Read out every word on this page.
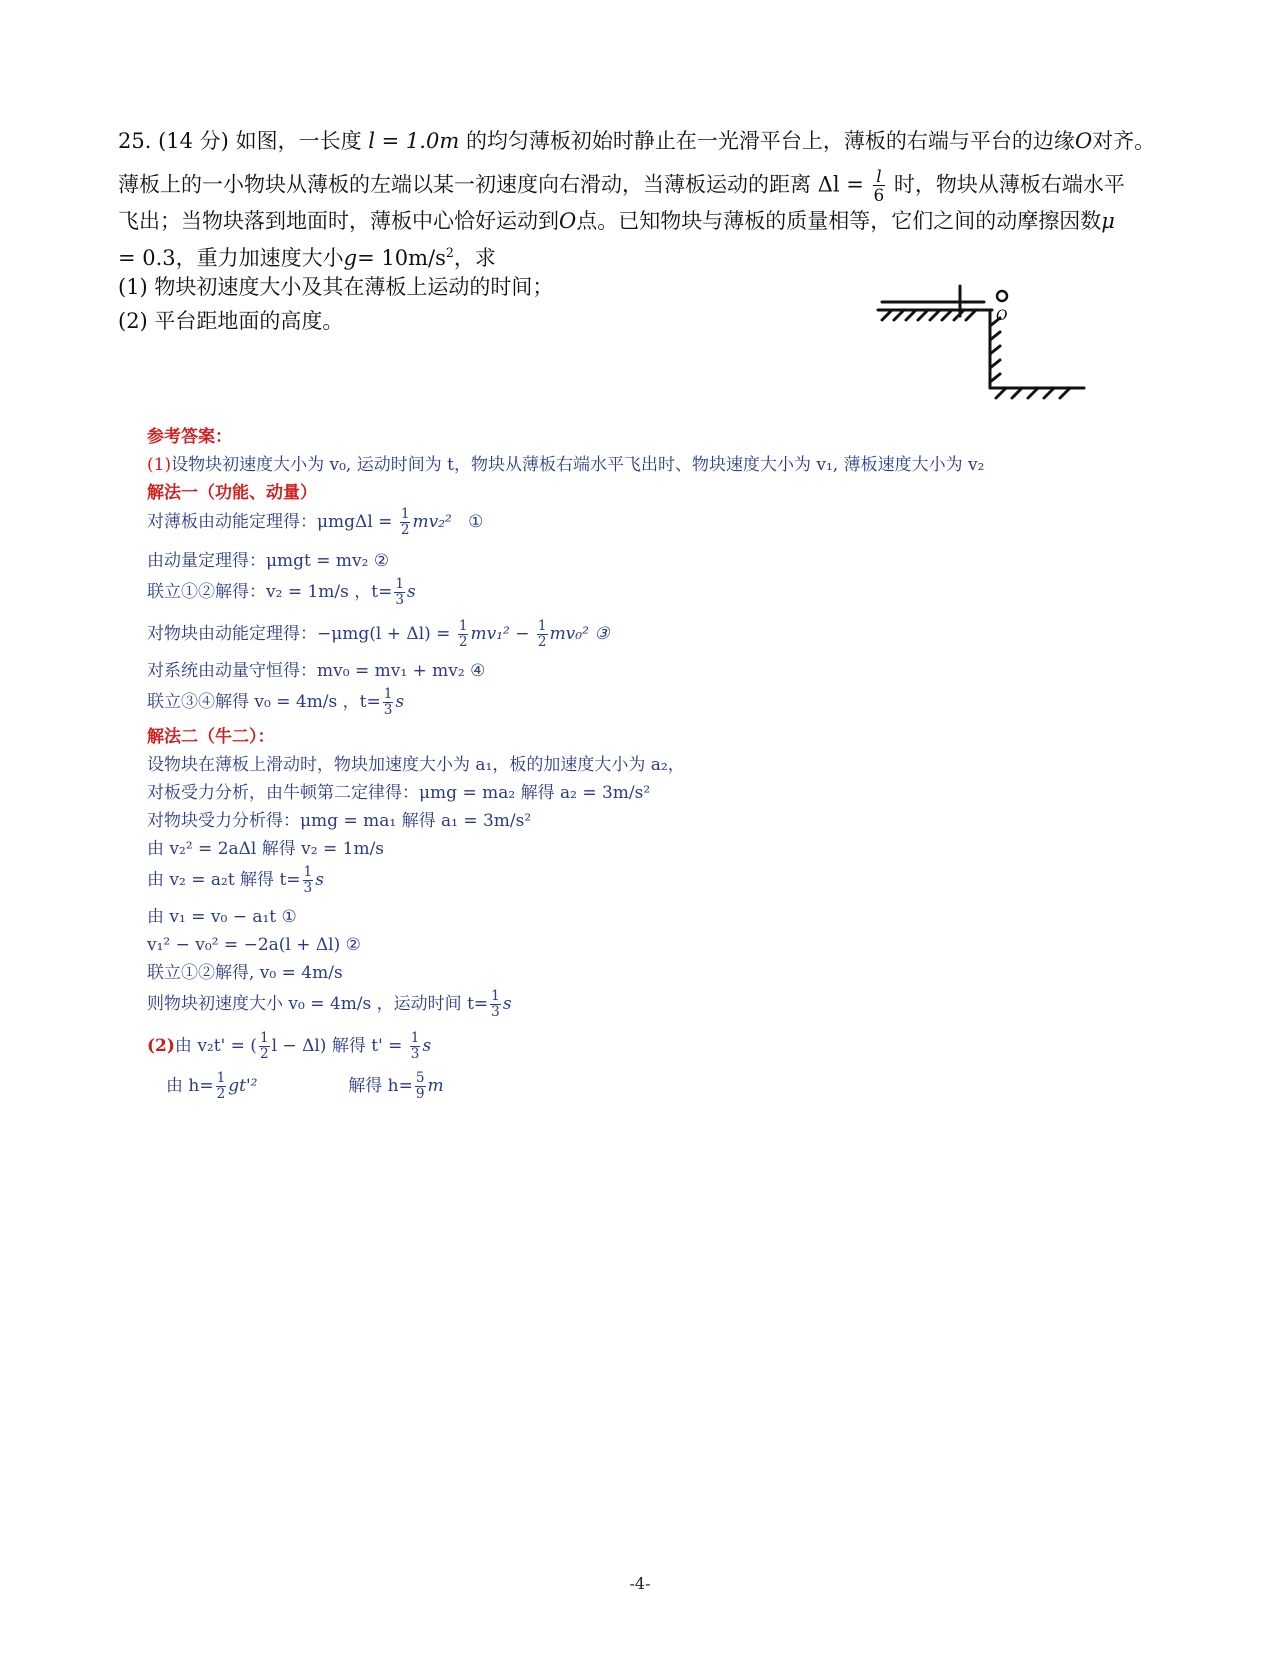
25. (14 分) 如图，一长度 l = 1.0m 的均匀薄板初始时静止在一光滑平台上，薄板的右端与平台的边缘O对齐。
薄板上的一小物块从薄板的左端以某一初速度向右滑动，当薄板运动的距离 $\Delta l = \frac{l}{6}$ 时，物块从薄板右端水平
飞出；当物块落到地面时，薄板中心恰好运动到O点。已知物块与薄板的质量相等，它们之间的动摩擦因数μ
= 0.3，重力加速度大小$g= 10m/s^2$，求
(1) 物块初速度大小及其在薄板上运动的时间；
(2) 平台距地面的高度。	O
参考答案：
(1)设物块初速度大小为 v₀, 运动时间为 t，物块从薄板右端水平飞出时、物块速度大小为 v₁, 薄板速度大小为 v₂
解法一（功能、动量）
对薄板由动能定理得：$\mu mg\Delta l = \frac{1}{2} mv_2^2$ ①
由动量定理得：μmgt = mv₂ ②
联立①②解得：v₂ = 1m/s ，$t= \frac{1}{3}$ s
对物块由动能定理得：$-\mu mg(l + \Delta l) = \frac{1}{2} mv_1^2 - \frac{1}{2} mv_0^2$ ③
对系统由动量守恒得：mv₀ = mv₁ + mv₂ ④
联立③④解得 v₀ = 4m/s ，$t= \frac{1}{3}$ s
解法二（牛二）：
设物块在薄板上滑动时，物块加速度大小为 a₁，板的加速度大小为 a₂，
对板受力分析，由牛顿第二定律得：μmg = ma₂ 解得 a₂ = 3m/s²
对物块受力分析得：μmg = ma₁ 解得 a₁ = 3m/s²
由 v₂² = 2aΔl 解得 v₂ = 1m/s
由 v₂ = a₂t 解得 $t= \frac{1}{3}$ s
由 v₁ = v₀ − a₁t ①
v₁² − v₀² = −2a(l + Δl) ②
联立①②解得, v₀ = 4m/s
则物块初速度大小 v₀ = 4m/s ，运动时间 $t= \frac{1}{3}$ s
(2)由 v₂t' = ( $\frac{1}{2}$ l − Δl) 解得 $t' = \frac{1}{3}$ s
由 $h= \frac{1}{2} gt'^2$	解得 $h= \frac{5}{9}$ m
-4-
